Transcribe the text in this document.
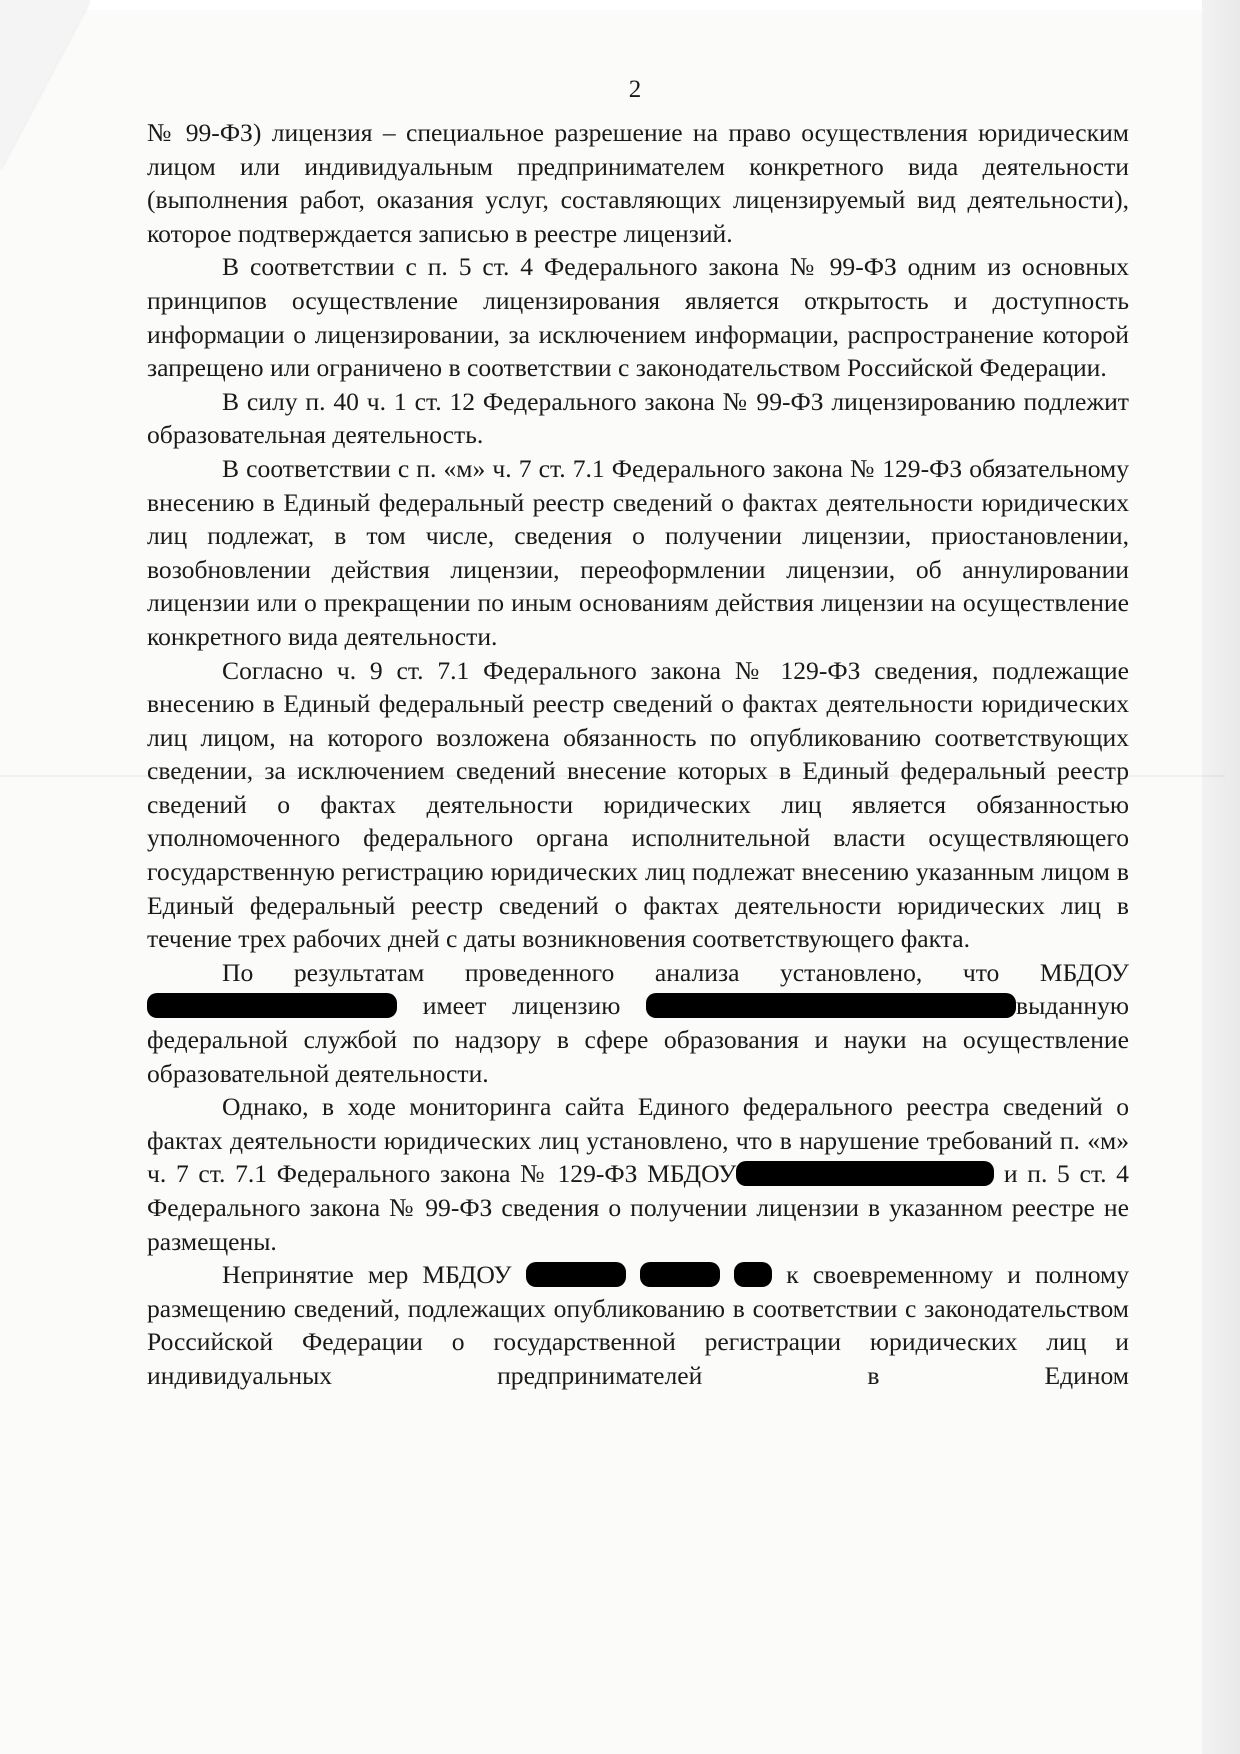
2

№ 99-ФЗ) лицензия – специальное разрешение на право осуществления юридическим лицом или индивидуальным предпринимателем конкретного вида деятельности (выполнения работ, оказания услуг, составляющих лицензируемый вид деятельности), которое подтверждается записью в реестре лицензий.

В соответствии с п. 5 ст. 4 Федерального закона № 99-ФЗ одним из основных принципов осуществление лицензирования является открытость и доступность информации о лицензировании, за исключением информации, распространение которой запрещено или ограничено в соответствии с законодательством Российской Федерации.

В силу п. 40 ч. 1 ст. 12 Федерального закона № 99-ФЗ лицензированию подлежит образовательная деятельность.

В соответствии с п. «м» ч. 7 ст. 7.1 Федерального закона № 129-ФЗ обязательному внесению в Единый федеральный реестр сведений о фактах деятельности юридических лиц подлежат, в том числе, сведения о получении лицензии, приостановлении, возобновлении действия лицензии, переоформлении лицензии, об аннулировании лицензии или о прекращении по иным основаниям действия лицензии на осуществление конкретного вида деятельности.

Согласно ч. 9 ст. 7.1 Федерального закона № 129-ФЗ сведения, подлежащие внесению в Единый федеральный реестр сведений о фактах деятельности юридических лиц лицом, на которого возложена обязанность по опубликованию соответствующих сведении, за исключением сведений внесение которых в Единый федеральный реестр сведений о фактах деятельности юридических лиц является обязанностью уполномоченного федерального органа исполнительной власти осуществляющего государственную регистрацию юридических лиц подлежат внесению указанным лицом в Единый федеральный реестр сведений о фактах деятельности юридических лиц в течение трех рабочих дней с даты возникновения соответствующего факта.

По результатам проведенного анализа установлено, что МБДОУ  имеет лицензию	выданную федеральной службой по надзору в сфере образования и науки на осуществление образовательной деятельности.

Однако, в ходе мониторинга сайта Единого федерального реестра сведений о фактах деятельности юридических лиц установлено, что в нарушение требований п. «м» ч. 7 ст. 7.1 Федерального закона № 129-ФЗ МБДОУ	и п. 5 ст. 4 Федерального закона № 99-ФЗ сведения о получении лицензии в указанном реестре не размещены.

Непринятие мер МБДОУ	к своевременному и полному размещению сведений, подлежащих опубликованию в соответствии с законодательством Российской Федерации о государственной регистрации юридических лиц и индивидуальных предпринимателей в Едином
